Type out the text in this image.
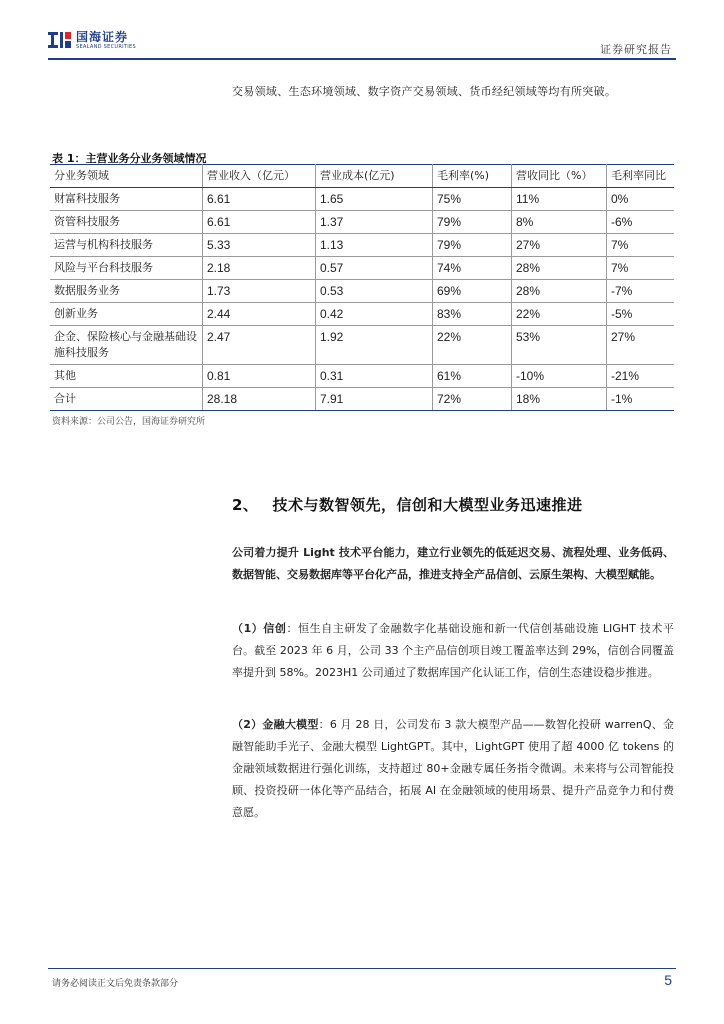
国海证券
SEALAND SECURITIES	证券研究报告
交易领域、生态环境领域、数字资产交易领域、货币经纪领域等均有所突破。
表 1：主营业务分业务领域情况
分业务领域	营业收入（亿元）	营业成本(亿元)	毛利率(%)	营收同比（%）	毛利率同比
财富科技服务	6.61	1.65	75%	11%	0%
资管科技服务	6.61	1.37	79%	8%	-6%
运营与机构科技服务	5.33	1.13	79%	27%	7%
风险与平台科技服务	2.18	0.57	74%	28%	7%
数据服务业务	1.73	0.53	69%	28%	-7%
创新业务	2.44	0.42	83%	22%	-5%
企金、保险核心与金融基础设施科技服务	2.47	1.92	22%	53%	27%
其他	0.81	0.31	61%	-10%	-21%
合计	28.18	7.91	72%	18%	-1%
资料来源：公司公告，国海证券研究所
2、 技术与数智领先，信创和大模型业务迅速推进
公司着力提升 Light 技术平台能力，建立行业领先的低延迟交易、流程处理、业务低码、数据智能、交易数据库等平台化产品，推进支持全产品信创、云原生架构、大模型赋能。
（1）信创：恒生自主研发了金融数字化基础设施和新一代信创基础设施 LIGHT 技术平台。截至 2023 年 6 月，公司 33 个主产品信创项目竣工覆盖率达到 29%，信创合同覆盖率提升到 58%。2023H1 公司通过了数据库国产化认证工作，信创生态建设稳步推进。
（2）金融大模型：6 月 28 日，公司发布 3 款大模型产品——数智化投研 warrenQ、金融智能助手光子、金融大模型 LightGPT。其中，LightGPT 使用了超 4000 亿 tokens 的金融领域数据进行强化训练，支持超过 80+金融专属任务指令微调。未来将与公司智能投顾、投资投研一体化等产品结合，拓展 AI 在金融领域的使用场景、提升产品竞争力和付费意愿。
请务必阅读正文后免责条款部分	5
